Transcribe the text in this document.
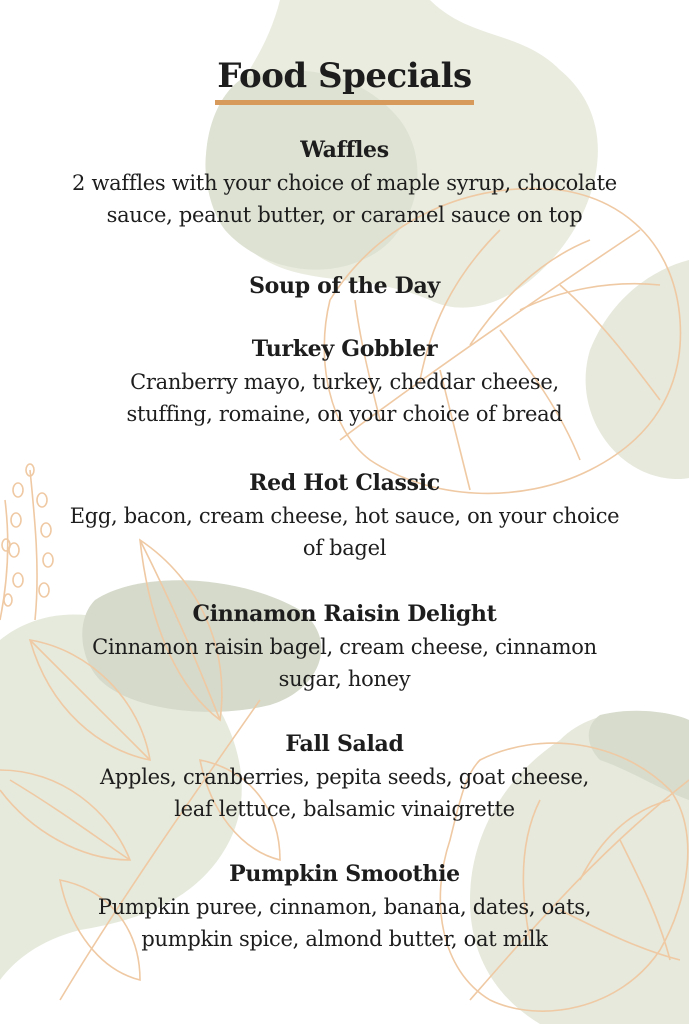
Food Specials
Waffles
2 waffles with your choice of maple syrup, chocolate sauce, peanut butter, or caramel sauce on top
Soup of the Day
Turkey Gobbler
Cranberry mayo, turkey, cheddar cheese, stuffing, romaine, on your choice of bread
Red Hot Classic
Egg, bacon, cream cheese, hot sauce, on your choice of bagel
Cinnamon Raisin Delight
Cinnamon raisin bagel, cream cheese, cinnamon sugar, honey
Fall Salad
Apples, cranberries, pepita seeds, goat cheese, leaf lettuce, balsamic vinaigrette
Pumpkin Smoothie
Pumpkin puree, cinnamon, banana, dates, oats, pumpkin spice, almond butter, oat milk
